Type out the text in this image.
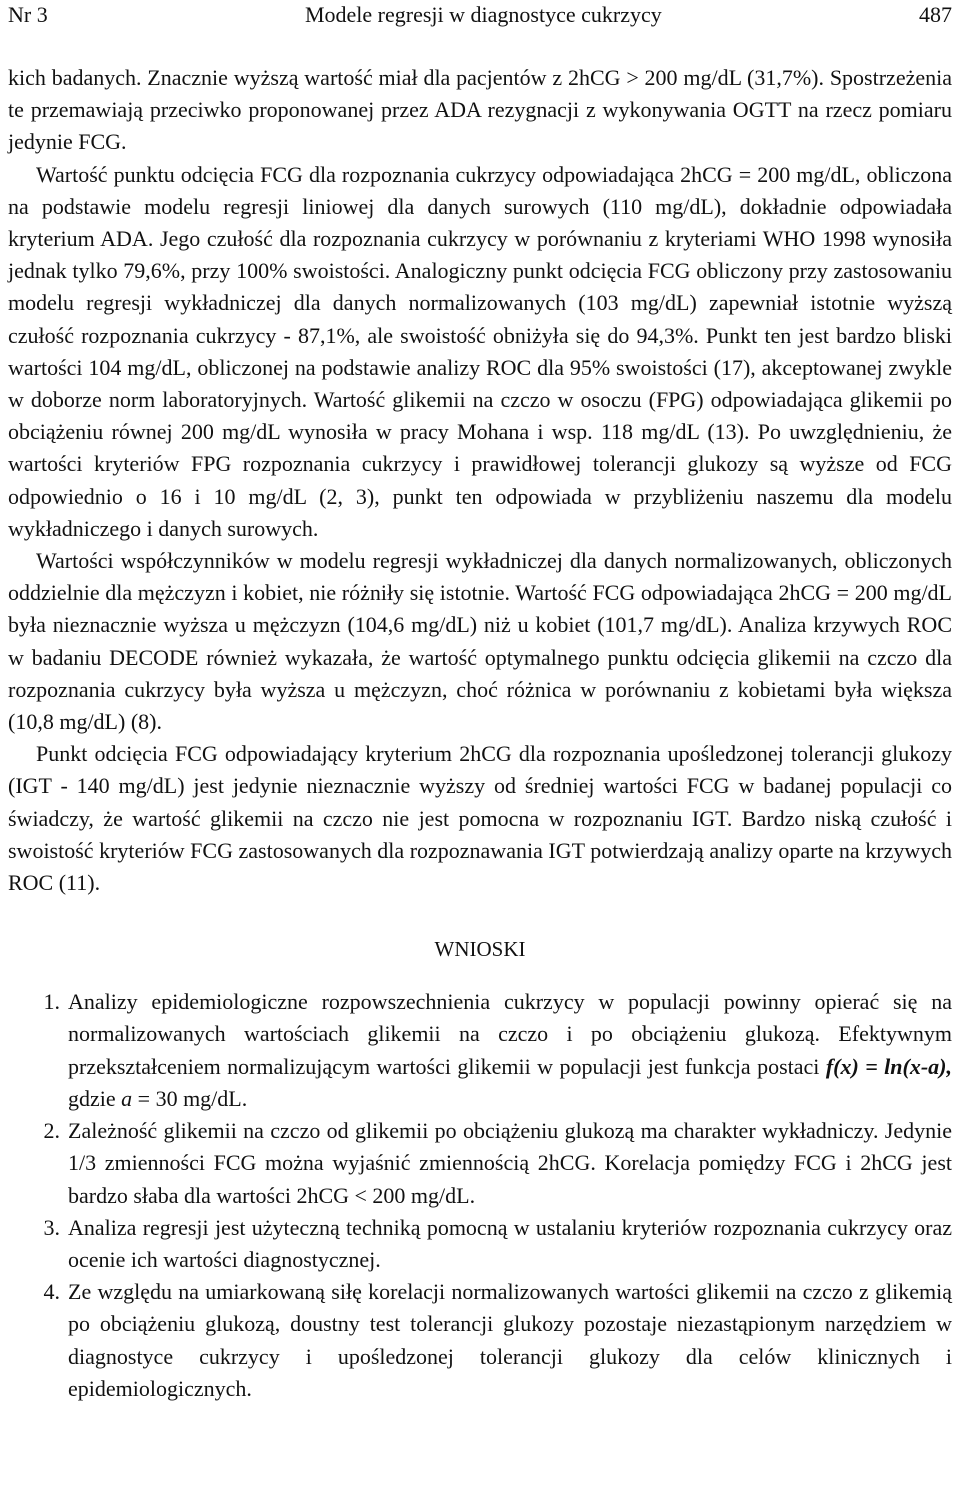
Nr 3	Modele regresji w diagnostyce cukrzycy	487

kich badanych. Znacznie wyższą wartość miał dla pacjentów z 2hCG > 200 mg/dL (31,7%). Spostrzeżenia te przemawiają przeciwko proponowanej przez ADA rezygnacji z wykonywania OGTT na rzecz pomiaru jedynie FCG.

Wartość punktu odcięcia FCG dla rozpoznania cukrzycy odpowiadająca 2hCG = 200 mg/dL, obliczona na podstawie modelu regresji liniowej dla danych surowych (110 mg/dL), dokładnie odpowiadała kryterium ADA. Jego czułość dla rozpoznania cukrzycy w porównaniu z kryteriami WHO 1998 wynosiła jednak tylko 79,6%, przy 100% swoistości. Analogiczny punkt odcięcia FCG obliczony przy zastosowaniu modelu regresji wykładniczej dla danych normalizowanych (103 mg/dL) zapewniał istotnie wyższą czułość rozpoznania cukrzycy - 87,1%, ale swoistość obniżyła się do 94,3%. Punkt ten jest bardzo bliski wartości 104 mg/dL, obliczonej na podstawie analizy ROC dla 95% swoistości (17), akceptowanej zwykle w doborze norm laboratoryjnych. Wartość glikemii na czczo w osoczu (FPG) odpowiadająca glikemii po obciążeniu równej 200 mg/dL wynosiła w pracy Mohana i wsp. 118 mg/dL (13). Po uwzględnieniu, że wartości kryteriów FPG rozpoznania cukrzycy i prawidłowej tolerancji glukozy są wyższe od FCG odpowiednio o 16 i 10 mg/dL (2, 3), punkt ten odpowiada w przybliżeniu naszemu dla modelu wykładniczego i danych surowych.

Wartości współczynników w modelu regresji wykładniczej dla danych normalizowanych, obliczonych oddzielnie dla mężczyzn i kobiet, nie różniły się istotnie. Wartość FCG odpowiadająca 2hCG = 200 mg/dL była nieznacznie wyższa u mężczyzn (104,6 mg/dL) niż u kobiet (101,7 mg/dL). Analiza krzywych ROC w badaniu DECODE również wykazała, że wartość optymalnego punktu odcięcia glikemii na czczo dla rozpoznania cukrzycy była wyższa u mężczyzn, choć różnica w porównaniu z kobietami była większa (10,8 mg/dL) (8).

Punkt odcięcia FCG odpowiadający kryterium 2hCG dla rozpoznania upośledzonej tolerancji glukozy (IGT - 140 mg/dL) jest jedynie nieznacznie wyższy od średniej wartości FCG w badanej populacji co świadczy, że wartość glikemii na czczo nie jest pomocna w rozpoznaniu IGT. Bardzo niską czułość i swoistość kryteriów FCG zastosowanych dla rozpoznawania IGT potwierdzają analizy oparte na krzywych ROC (11).

WNIOSKI
1. Analizy epidemiologiczne rozpowszechnienia cukrzycy w populacji powinny opierać się na normalizowanych wartościach glikemii na czczo i po obciążeniu glukozą. Efektywnym przekształceniem normalizującym wartości glikemii w populacji jest funkcja postaci f(x) = ln(x-a), gdzie a = 30 mg/dL.
2. Zależność glikemii na czczo od glikemii po obciążeniu glukozą ma charakter wykładniczy. Jedynie 1/3 zmienności FCG można wyjaśnić zmiennością 2hCG. Korelacja pomiędzy FCG i 2hCG jest bardzo słaba dla wartości 2hCG < 200 mg/dL.
3. Analiza regresji jest użyteczną techniką pomocną w ustalaniu kryteriów rozpoznania cukrzycy oraz ocenie ich wartości diagnostycznej.
4. Ze względu na umiarkowaną siłę korelacji normalizowanych wartości glikemii na czczo z glikemią po obciążeniu glukozą, doustny test tolerancji glukozy pozostaje niezastąpionym narzędziem w diagnostyce cukrzycy i upośledzonej tolerancji glukozy dla celów klinicznych i epidemiologicznych.
